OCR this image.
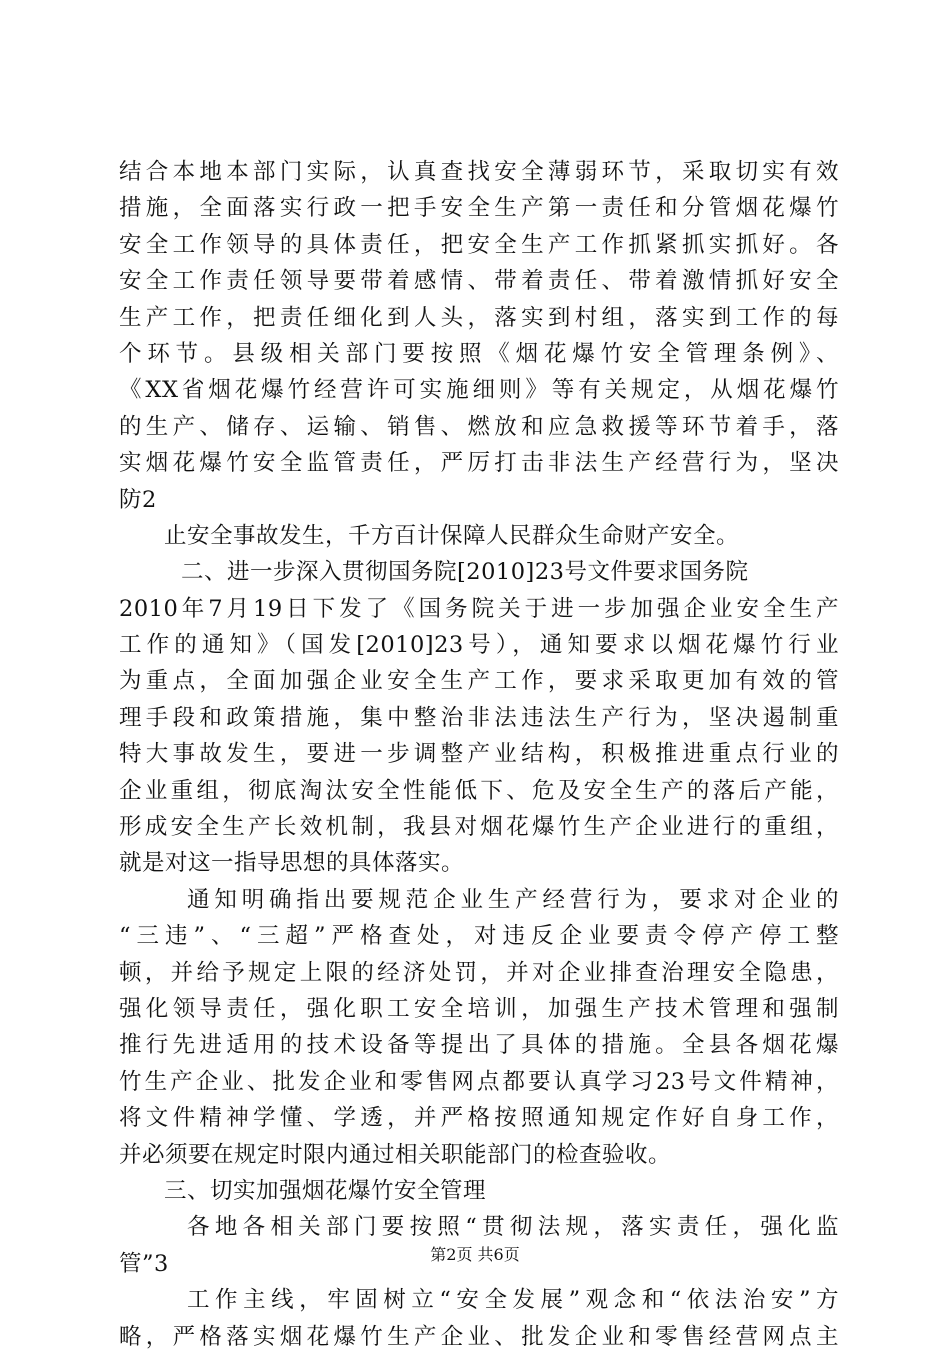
结合本地本部门实际，认真查找安全薄弱环节，采取切实有效
措施，全面落实行政一把手安全生产第一责任和分管烟花爆竹
安全工作领导的具体责任，把安全生产工作抓紧抓实抓好。各
安全工作责任领导要带着感情、带着责任、带着激情抓好安全
生产工作，把责任细化到人头，落实到村组，落实到工作的每
个环节。县级相关部门要按照《烟花爆竹安全管理条例》、
《XX省烟花爆竹经营许可实施细则》等有关规定，从烟花爆竹
的生产、储存、运输、销售、燃放和应急救援等环节着手，落
实烟花爆竹安全监管责任，严厉打击非法生产经营行为，坚决
防2
止安全事故发生，千方百计保障人民群众生命财产安全。
二、进一步深入贯彻国务院[2010]23号文件要求国务院
2010年7月19日下发了《国务院关于进一步加强企业安全生产
工作的通知》（国发[2010]23号），通知要求以烟花爆竹行业
为重点，全面加强企业安全生产工作，要求采取更加有效的管
理手段和政策措施，集中整治非法违法生产行为，坚决遏制重
特大事故发生，要进一步调整产业结构，积极推进重点行业的
企业重组，彻底淘汰安全性能低下、危及安全生产的落后产能，
形成安全生产长效机制，我县对烟花爆竹生产企业进行的重组，
就是对这一指导思想的具体落实。
通知明确指出要规范企业生产经营行为，要求对企业的
“三违”、“三超”严格查处，对违反企业要责令停产停工整
顿，并给予规定上限的经济处罚，并对企业排查治理安全隐患，
强化领导责任，强化职工安全培训，加强生产技术管理和强制
推行先进适用的技术设备等提出了具体的措施。全县各烟花爆
竹生产企业、批发企业和零售网点都要认真学习23号文件精神，
将文件精神学懂、学透，并严格按照通知规定作好自身工作，
并必须要在规定时限内通过相关职能部门的检查验收。
三、切实加强烟花爆竹安全管理
各地各相关部门要按照“贯彻法规，落实责任，强化监
管”3
工作主线，牢固树立“安全发展”观念和“依法治安”方
略，严格落实烟花爆竹生产企业、批发企业和零售经营网点主
第2页 共6页
